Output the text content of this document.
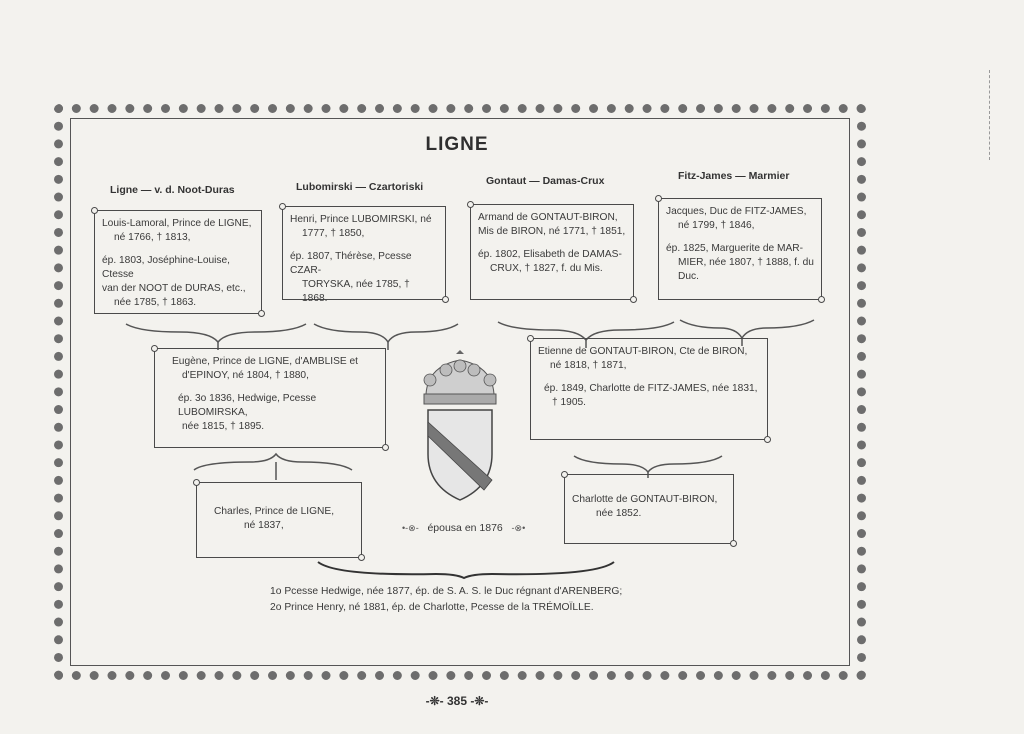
LIGNE
Ligne — v. d. Noot-Duras	Lubomirski — Czartoriski	Gontaut — Damas-Crux	Fitz-James — Marmier

Louis-Lamoral, Prince de LIGNE,

né 1766, † 1813,

ép. 1803, Joséphine-Louise, Ctesse

van der NOOT de DURAS, etc.,

née 1785, † 1863.

Henri, Prince LUBOMIRSKI, né

1777, † 1850,

ép. 1807, Thérèse, Pcesse CZAR-

TORYSKA, née 1785, † 1868.

Armand de GONTAUT-BIRON,

Mis de BIRON, né 1771, † 1851,

ép. 1802, Elisabeth de DAMAS-

CRUX, † 1827, f. du Mis.

Jacques, Duc de FITZ-JAMES,

né 1799, † 1846,

ép. 1825, Marguerite de MAR-

MIER, née 1807, † 1888, f. du

Duc.

Eugène, Prince de LIGNE, d'AMBLISE et

d'EPINOY, né 1804, † 1880,

ép. 3o 1836, Hedwige, Pcesse LUBOMIRSKA,

née 1815, † 1895.

Etienne de GONTAUT-BIRON, Cte de BIRON,

né 1818, † 1871,

ép. 1849, Charlotte de FITZ-JAMES, née 1831,

† 1905.

Charles, Prince de LIGNE,

né 1837,

Charlotte de GONTAUT-BIRON,

née 1852.

•-⊗- épousa en 1876 -⊗•
1o Pcesse Hedwige, née 1877, ép. de S. A. S. le Duc régnant d'ARENBERG;
2o Prince Henry, né 1881, ép. de Charlotte, Pcesse de la TRÉMOÏLLE.
-❊- 385 -❊-
